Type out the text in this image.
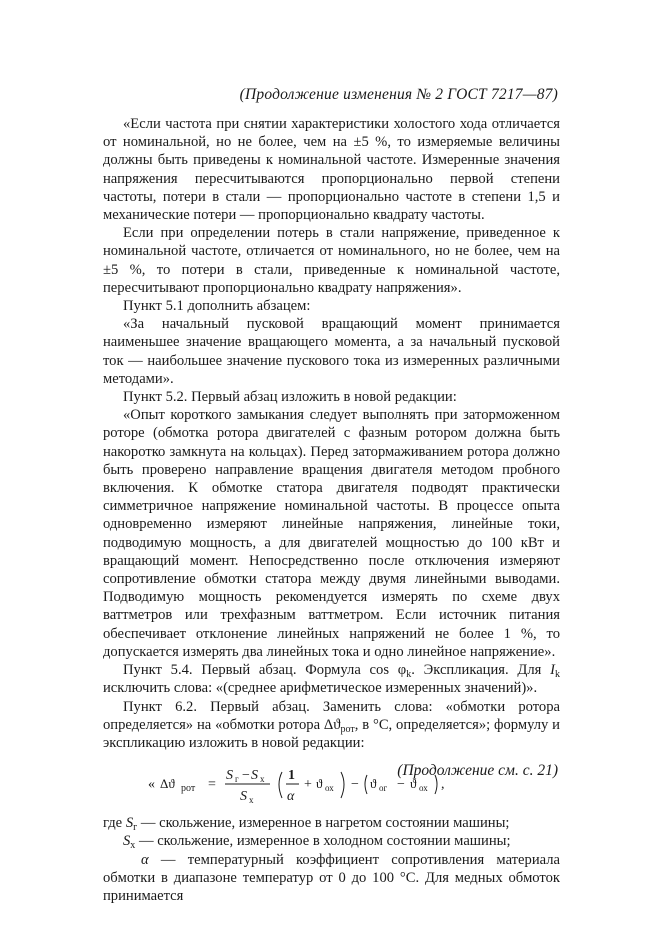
(Продолжение изменения № 2 ГОСТ 7217—87)

«Если частота при снятии характеристики холостого хода отличается от номинальной, но не более, чем на ±5 %, то измеряемые величины должны быть приведены к номинальной частоте. Измеренные значения напряжения пересчитываются пропорционально первой степени частоты, потери в стали — пропорционально частоте в степени 1,5 и механические потери — пропорционально квадрату частоты.

Если при определении потерь в стали напряжение, приведенное к номинальной частоте, отличается от номинального, но не более, чем на ±5 %, то потери в стали, приведенные к номинальной частоте, пересчитывают пропорционально квадрату напряжения».

Пункт 5.1 дополнить абзацем:

«За начальный пусковой вращающий момент принимается наименьшее значение вращающего момента, а за начальный пусковой ток — наибольшее значение пускового тока из измеренных различными методами».

Пункт 5.2. Первый абзац изложить в новой редакции:

«Опыт короткого замыкания следует выполнять при заторможенном роторе (обмотка ротора двигателей с фазным ротором должна быть накоротко замкнута на кольцах). Перед затормаживанием ротора должно быть проверено направление вращения двигателя методом пробного включения. К обмотке статора двигателя подводят практически симметричное напряжение номинальной частоты. В процессе опыта одновременно измеряют линейные напряжения, линейные токи, подводимую мощность, а для двигателей мощностью до 100 кВт и вращающий момент. Непосредственно после отключения измеряют сопротивление обмотки статора между двумя линейными выводами. Подводимую мощность рекомендуется измерять по схеме двух ваттметров или трехфазным ваттметром. Если источник питания обеспечивает отклонение линейных напряжений не более 1 %, то допускается измерять два линейных тока и одно линейное напряжение».

Пункт 5.4. Первый абзац. Формула $\cos \varphi_k$. Экспликация. Для $I_k$ исключить слова: «(среднее арифметическое измеренных значений)».

Пункт 6.2. Первый абзац. Заменить слова: «обмотки ротора определяется» на «обмотки ротора $\Delta ϑ_{рот}$, в °С, определяется»; формулу и экспликацию изложить в новой редакции:

« Δϑ рот =
S г − S х
S х
1
α
+ ϑ ох − ϑ ог − ϑ ох ,

где $S_г$ — скольжение, измеренное в нагретом состоянии машины;

$S_х$ — скольжение, измеренное в холодном состоянии машины;

α — температурный коэффициент сопротивления материала обмотки в диапазоне температур от 0 до 100 °С. Для медных обмоток принимается

(Продолжение см. с. 21)
